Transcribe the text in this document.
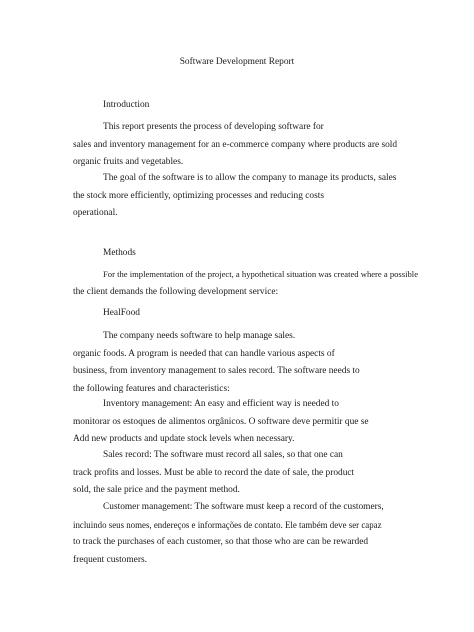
Software Development Report
Introduction
This report presents the process of developing software for
sales and inventory management for an e-commerce company where products are sold
organic fruits and vegetables.
The goal of the software is to allow the company to manage its products, sales
the stock more efficiently, optimizing processes and reducing costs
operational.
Methods
For the implementation of the project, a hypothetical situation was created where a possible
the client demands the following development service:
HealFood
The company needs software to help manage sales.
organic foods. A program is needed that can handle various aspects of
business, from inventory management to sales record. The software needs to
the following features and characteristics:
Inventory management: An easy and efficient way is needed to
monitorar os estoques de alimentos orgânicos. O software deve permitir que se
Add new products and update stock levels when necessary.
Sales record: The software must record all sales, so that one can
track profits and losses. Must be able to record the date of sale, the product
sold, the sale price and the payment method.
Customer management: The software must keep a record of the customers,
incluindo seus nomes, endereços e informações de contato. Ele também deve ser capaz
to track the purchases of each customer, so that those who are can be rewarded
frequent customers.
